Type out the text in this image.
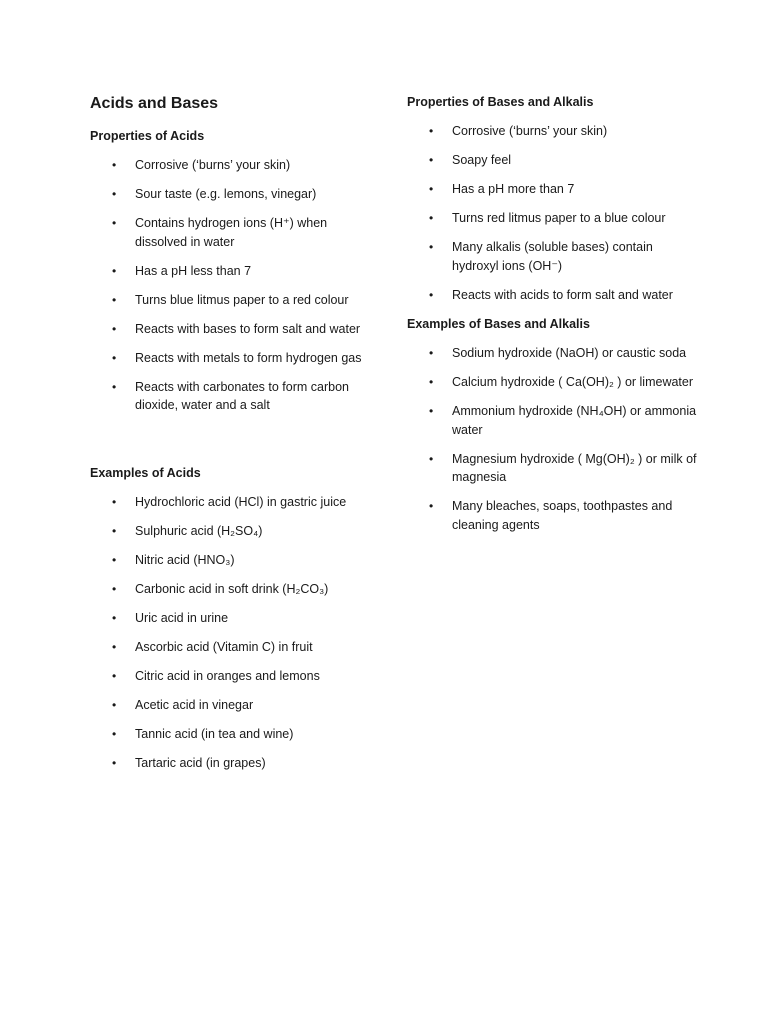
Acids and Bases
Properties of Acids
• Corrosive (‘burns’ your skin)
• Sour taste (e.g. lemons, vinegar)
• Contains hydrogen ions (H⁺) when dissolved in water
• Has a pH less than 7
• Turns blue litmus paper to a red colour
• Reacts with bases to form salt and water
• Reacts with metals to form hydrogen gas
• Reacts with carbonates to form carbon dioxide, water and a salt
Examples of Acids
• Hydrochloric acid (HCl) in gastric juice
• Sulphuric acid (H₂SO₄)
• Nitric acid (HNO₃)
• Carbonic acid in soft drink (H₂CO₃)
• Uric acid in urine
• Ascorbic acid (Vitamin C) in fruit
• Citric acid in oranges and lemons
• Acetic acid in vinegar
• Tannic acid (in tea and wine)
• Tartaric acid (in grapes)
Properties of Bases and Alkalis
• Corrosive (‘burns’ your skin)
• Soapy feel
• Has a pH more than 7
• Turns red litmus paper to a blue colour
• Many alkalis (soluble bases) contain hydroxyl ions (OH⁻)
• Reacts with acids to form salt and water
Examples of Bases and Alkalis
• Sodium hydroxide (NaOH) or caustic soda
• Calcium hydroxide ( Ca(OH)₂ ) or limewater
• Ammonium hydroxide (NH₄OH) or ammonia water
• Magnesium hydroxide ( Mg(OH)₂ ) or milk of magnesia
• Many bleaches, soaps, toothpastes and cleaning agents
